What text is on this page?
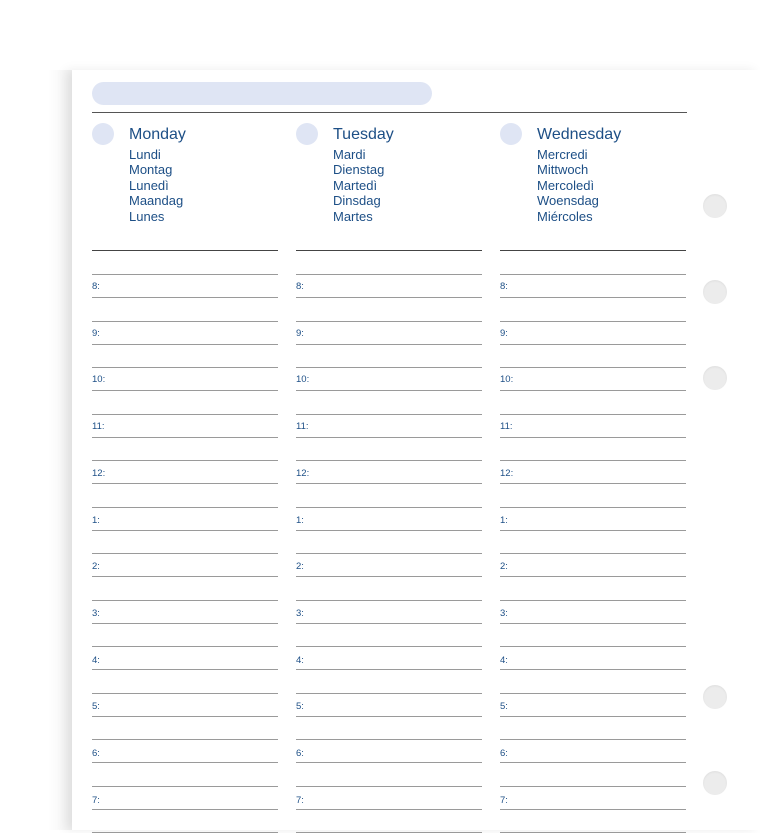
Monday
Lundi
Montag
Lunedì
Maandag
Lunes
8:
9:
10:
11:
12:
1:
2:
3:
4:
5:
6:
7:
Tuesday
Mardi
Dienstag
Martedì
Dinsdag
Martes
8:
9:
10:
11:
12:
1:
2:
3:
4:
5:
6:
7:
Wednesday
Mercredi
Mittwoch
Mercoledì
Woensdag
Miércoles
8:
9:
10:
11:
12:
1:
2:
3:
4:
5:
6:
7:
